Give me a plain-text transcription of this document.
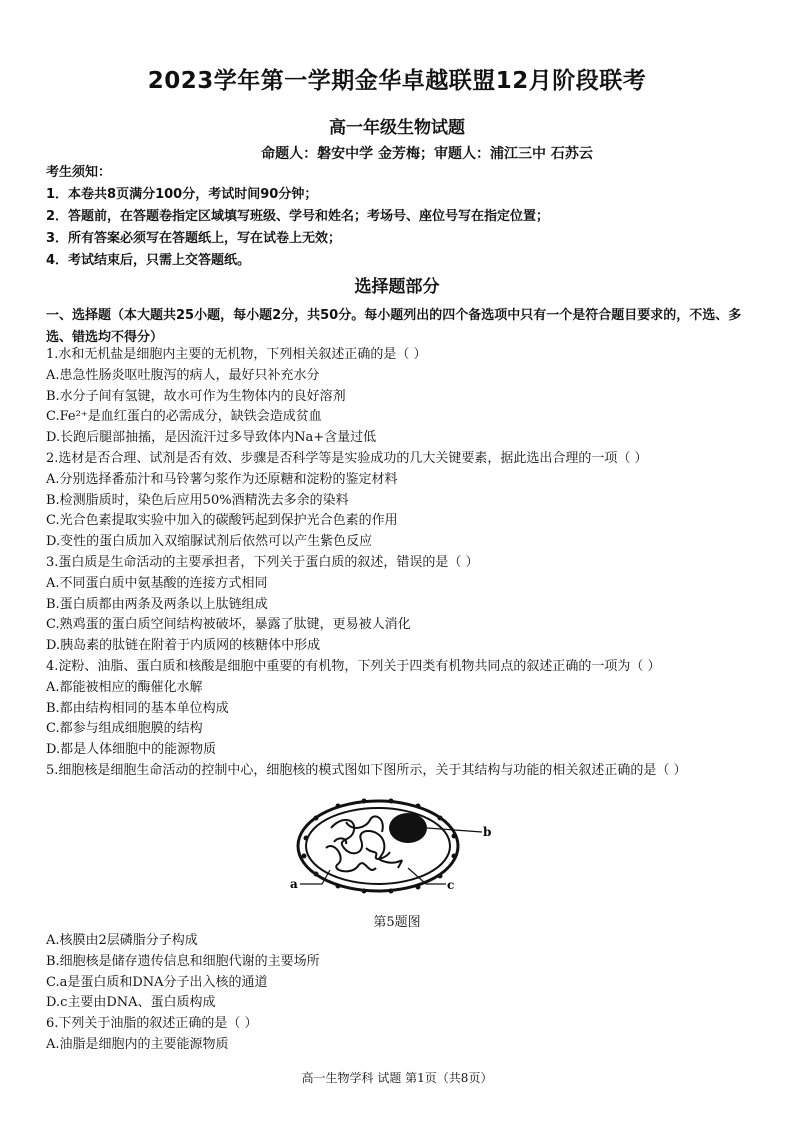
2023学年第一学期金华卓越联盟12月阶段联考
高一年级生物试题
命题人：磐安中学 金芳梅；审题人：浦江三中 石苏云
考生须知：
1．本卷共8页满分100分，考试时间90分钟；
2．答题前，在答题卷指定区域填写班级、学号和姓名；考场号、座位号写在指定位置；
3．所有答案必须写在答题纸上，写在试卷上无效；
4．考试结束后，只需上交答题纸。
选择题部分
一、选择题（本大题共25小题，每小题2分，共50分。每小题列出的四个备选项中只有一个是符合题目要求的，不选、多选、错选均不得分）
1.水和无机盐是细胞内主要的无机物，下列相关叙述正确的是（ ）
A.患急性肠炎呕吐腹泻的病人，最好只补充水分
B.水分子间有氢键，故水可作为生物体内的良好溶剂
C.Fe²⁺是血红蛋白的必需成分，缺铁会造成贫血
D.长跑后腿部抽搐，是因流汗过多导致体内Na+含量过低
2.选材是否合理、试剂是否有效、步骤是否科学等是实验成功的几大关键要素，据此选出合理的一项（ ）
A.分别选择番茄汁和马铃薯匀浆作为还原糖和淀粉的鉴定材料
B.检测脂质时，染色后应用50%酒精洗去多余的染料
C.光合色素提取实验中加入的碳酸钙起到保护光合色素的作用
D.变性的蛋白质加入双缩脲试剂后依然可以产生紫色反应
3.蛋白质是生命活动的主要承担者，下列关于蛋白质的叙述，错误的是（ ）
A.不同蛋白质中氨基酸的连接方式相同
B.蛋白质都由两条及两条以上肽链组成
C.熟鸡蛋的蛋白质空间结构被破坏，暴露了肽键，更易被人消化
D.胰岛素的肽链在附着于内质网的核糖体中形成
4.淀粉、油脂、蛋白质和核酸是细胞中重要的有机物，下列关于四类有机物共同点的叙述正确的一项为（ ）
A.都能被相应的酶催化水解
B.都由结构相同的基本单位构成
C.都参与组成细胞膜的结构
D.都是人体细胞中的能源物质
5.细胞核是细胞生命活动的控制中心，细胞核的模式图如下图所示，关于其结构与功能的相关叙述正确的是（ ）
b
a	c
第5题图
A.核膜由2层磷脂分子构成
B.细胞核是储存遗传信息和细胞代谢的主要场所
C.a是蛋白质和DNA分子出入核的通道
D.c主要由DNA、蛋白质构成
6.下列关于油脂的叙述正确的是（ ）
A.油脂是细胞内的主要能源物质
高一生物学科 试题 第1页（共8页）
